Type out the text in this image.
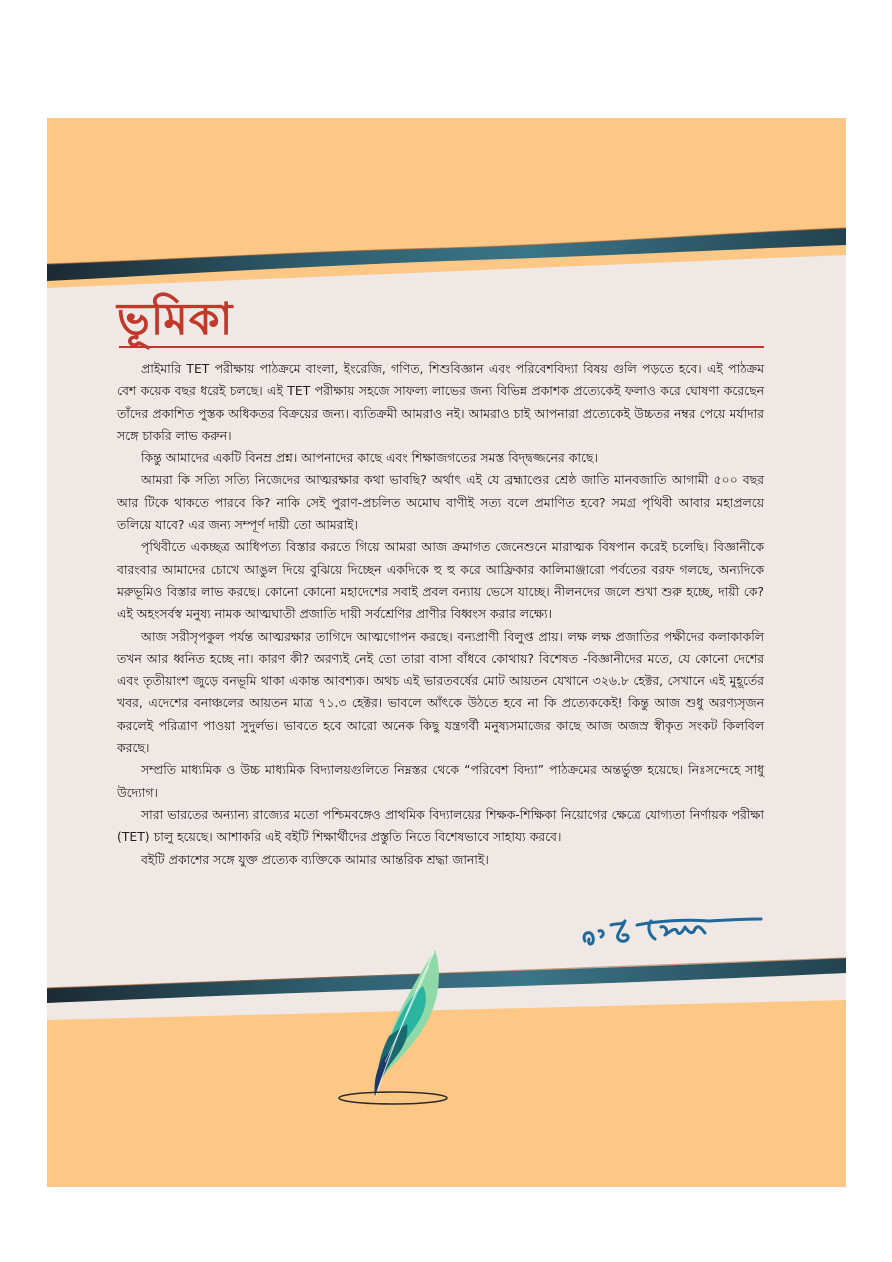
ভূমিকা

প্রাইমারি TET পরীক্ষায় পাঠক্রমে বাংলা, ইংরেজি, গণিত, শিশুবিজ্ঞান এবং পরিবেশবিদ্যা বিষয় গুলি পড়তে হবে। এই পাঠক্রম বেশ কয়েক বছর ধরেই চলছে। এই TET পরীক্ষায় সহজে সাফল্য লাভের জন্য বিভিন্ন প্রকাশক প্রত্যেকেই ফলাও করে ঘোষণা করেছেন তাঁদের প্রকাশিত পুস্তক অধিকতর বিক্রয়ের জন্য। ব্যতিক্রমী আমরাও নই। আমরাও চাই আপনারা প্রত্যেকেই উচ্চতর নম্বর পেয়ে মর্যাদার সঙ্গে চাকরি লাভ করুন।

কিন্তু আমাদের একটি বিনম্র প্রশ্ন। আপনাদের কাছে এবং শিক্ষাজগতের সমস্ত বিদ্দ্বজ্জনের কাছে।

আমরা কি সত্যি সত্যি নিজেদের আত্মরক্ষার কথা ভাবছি? অর্থাৎ এই যে ব্রহ্মাণ্ডের শ্রেষ্ঠ জাতি মানবজাতি আগামী ৫০০ বছর আর টিকে থাকতে পারবে কি? নাকি সেই পুরাণ-প্রচলিত অমোঘ বাণীই সত্য বলে প্রমাণিত হবে? সমগ্র পৃথিবী আবার মহাপ্রলয়ে তলিয়ে যাবে? এর জন্য সম্পূর্ণ দায়ী তো আমরাই।

পৃথিবীতে একচ্ছত্র আধিপত্য বিস্তার করতে গিয়ে আমরা আজ ক্রমাগত জেনেশুনে মারাত্মক বিষপান করেই চলেছি। বিজ্ঞানীকে বারংবার আমাদের চোখে আঙুল দিয়ে বুঝিয়ে দিচ্ছেন একদিকে হু হু করে আফ্রিকার কালিমাঞ্জারো পর্বতের বরফ গলছে, অন্যদিকে মরুভূমিও বিস্তার লাভ করছে। কোনো কোনো মহাদেশের সবাই প্রবল বন্যায় ভেসে যাচ্ছে। নীলনদের জলে শুখা শুরু হচ্ছে, দায়ী কে? এই অহংসর্বস্ব মনুষ্য নামক আত্মঘাতী প্রজাতি দায়ী সর্বশ্রেণির প্রাণীর বিধ্বংস করার লক্ষ্যে।

আজ সরীসৃপকুল পর্যন্ত আত্মরক্ষার তাগিদে আত্মগোপন করছে। বন্যপ্রাণী বিলুপ্ত প্রায়। লক্ষ লক্ষ প্রজাতির পক্ষীদের কলাকাকলি তখন আর ধ্বনিত হচ্ছে না। কারণ কী? অরণ্যই নেই তো তারা বাসা বাঁধবে কোথায়? বিশেষত -বিজ্ঞানীদের মতে, যে কোনো দেশের এবং তৃতীয়াংশ জুড়ে বনভূমি থাকা একান্ত আবশ্যক। অথচ এই ভারতবর্ষের মোট আয়তন যেখানে ৩২৬.৮ হেক্টর, সেখানে এই মুহূর্তের খবর, এদেশের বনাঞ্চলের আয়তন মাত্র ৭১.৩ হেক্টর। ভাবলে আঁৎকে উঠতে হবে না কি প্রত্যেককেই! কিন্তু আজ শুধু অরণ্যসৃজন করলেই পরিত্রাণ পাওয়া সুদুর্লভ। ভাবতে হবে আরো অনেক কিছু যন্ত্রগর্বী মনুষ্যসমাজের কাছে আজ অজস্র স্বীকৃত সংকট কিলবিল করছে।

সম্প্রতি মাধ্যমিক ও উচ্চ মাধ্যমিক বিদ্যালয়গুলিতে নিম্নস্তর থেকে “পরিবেশ বিদ্যা” পাঠক্রমের অন্তর্ভুক্ত হয়েছে। নিঃসন্দেহে সাধু উদ্যোগ।

সারা ভারতের অন্যান্য রাজ্যের মতো পশ্চিমবঙ্গেও প্রাথমিক বিদ্যালয়ের শিক্ষক-শিক্ষিকা নিয়োগের ক্ষেত্রে যোগ্যতা নির্ণায়ক পরীক্ষা (TET) চালু হয়েছে। আশাকরি এই বইটি শিক্ষার্থীদের প্রস্তুতি নিতে বিশেষভাবে সাহায্য করবে।

বইটি প্রকাশের সঙ্গে যুক্ত প্রত্যেক ব্যক্তিকে আমার আন্তরিক শ্রদ্ধা জানাই।
